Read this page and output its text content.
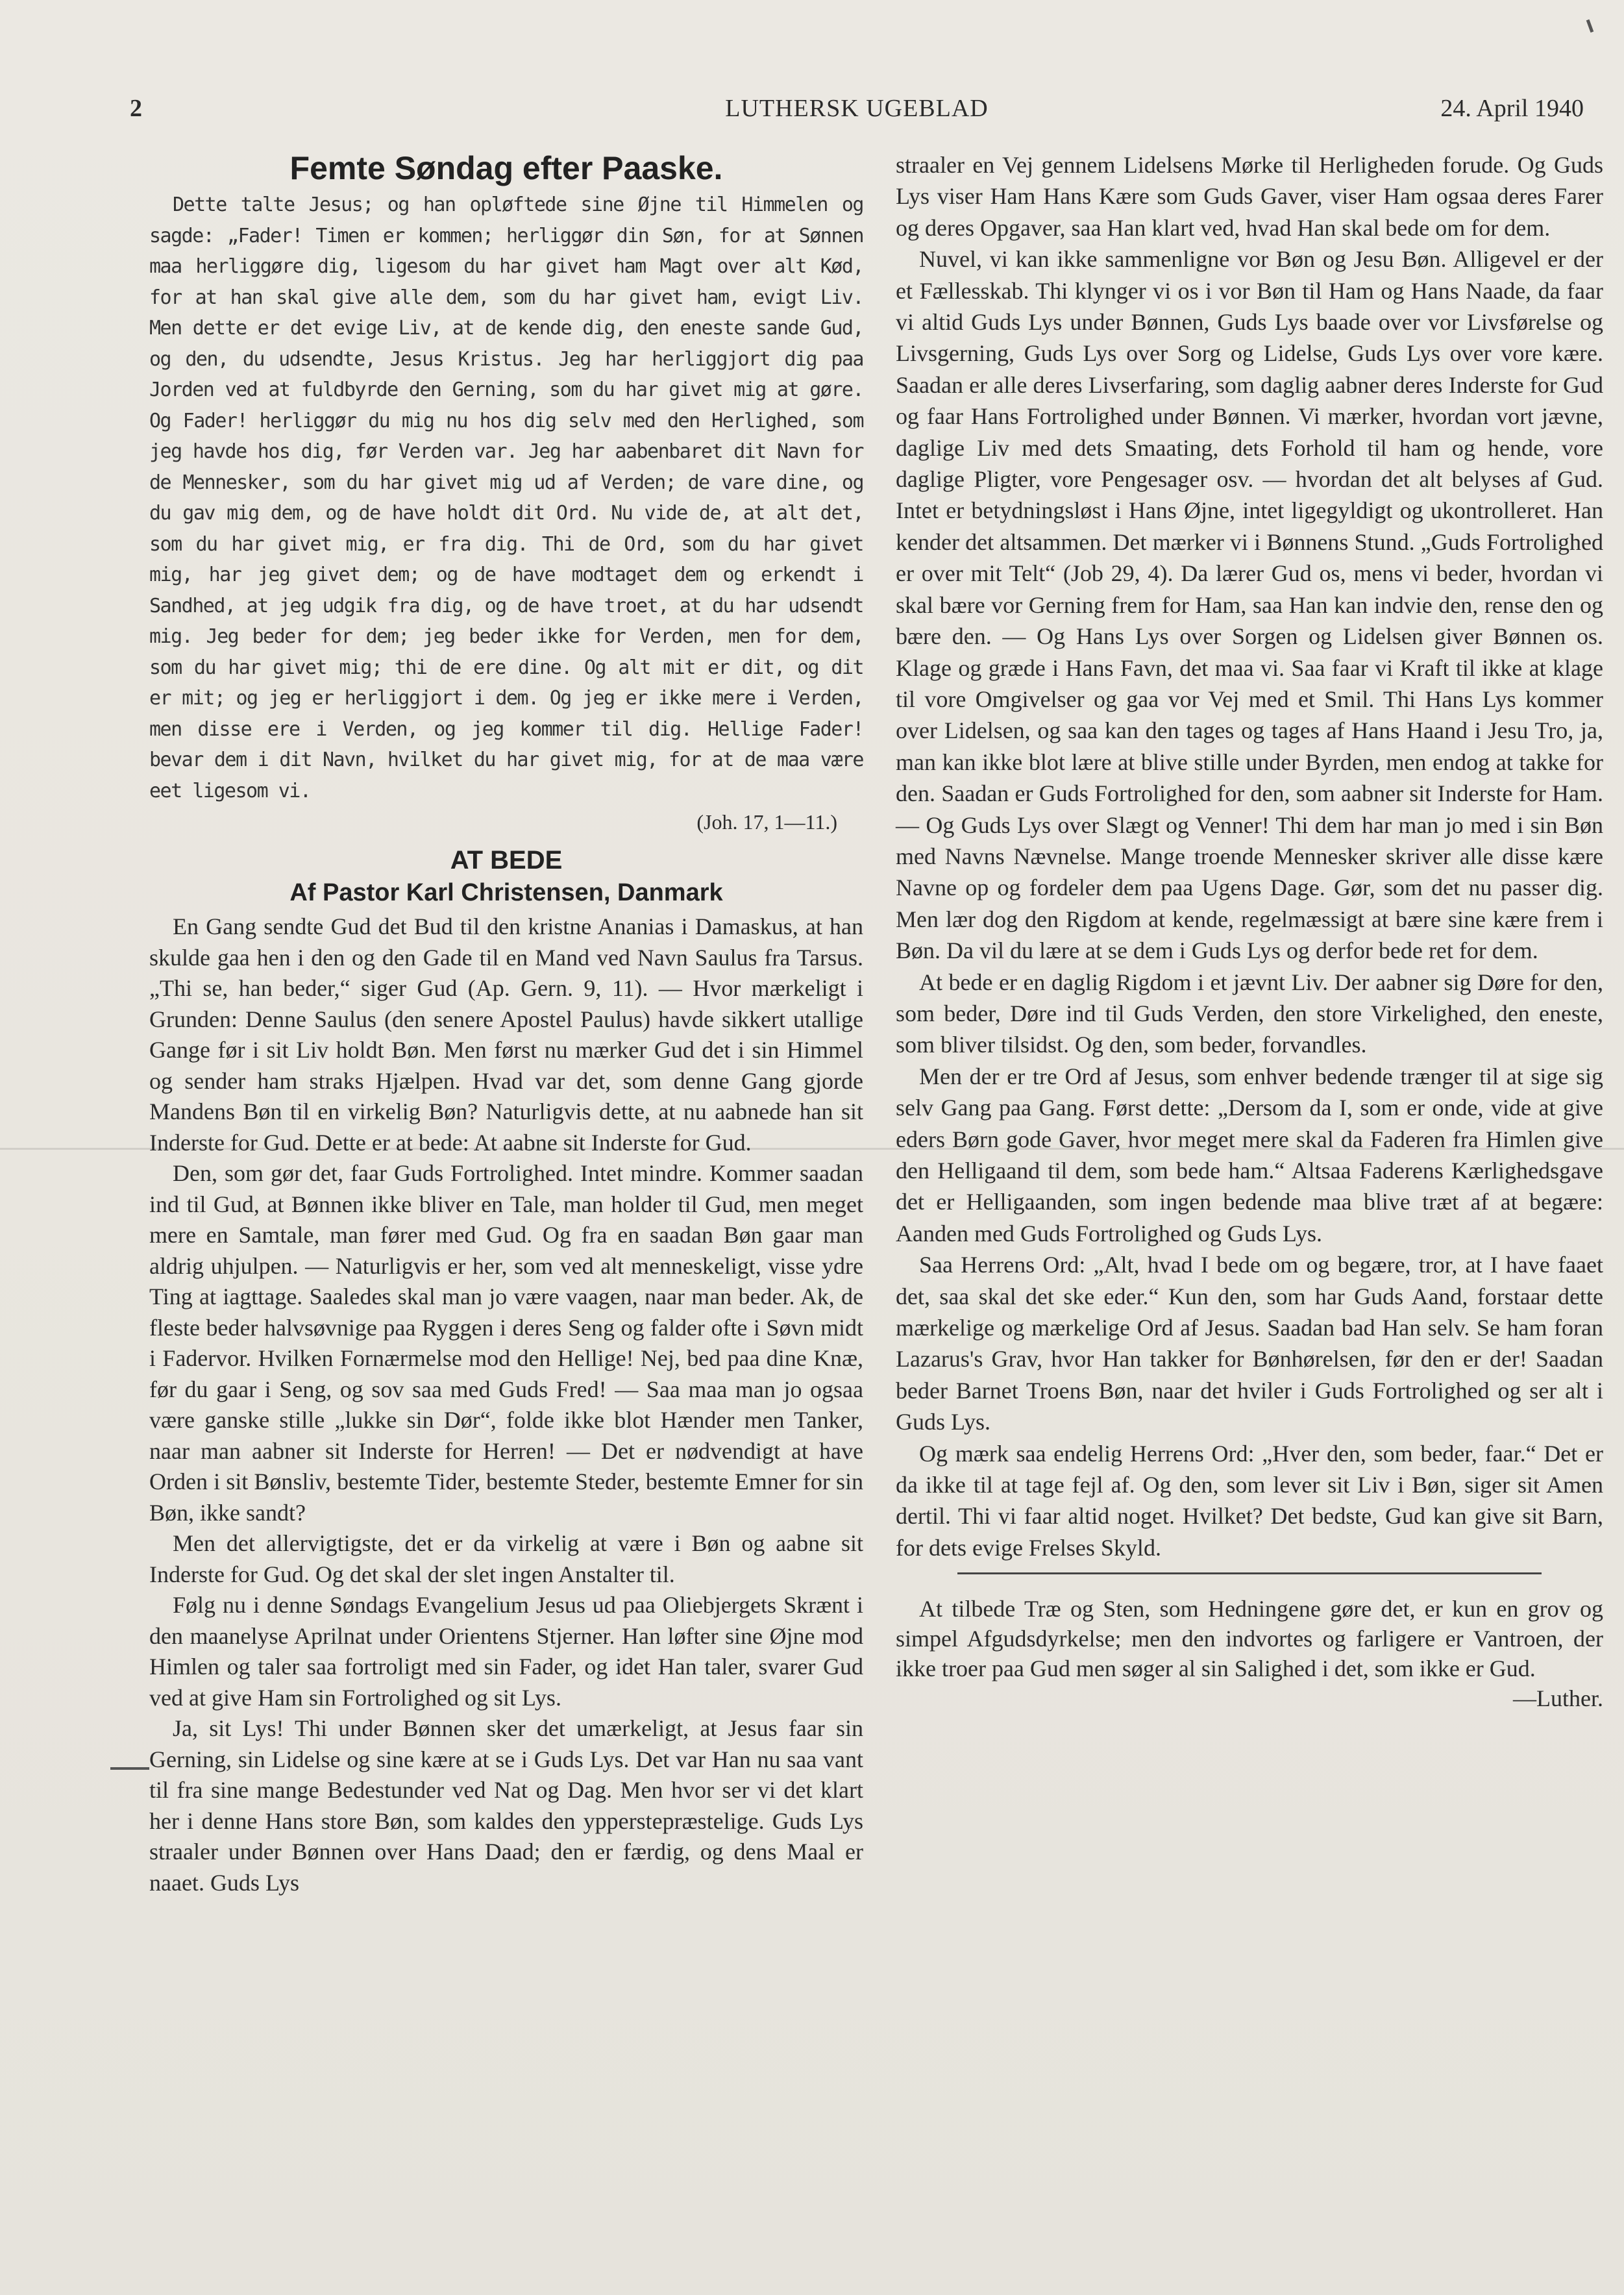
2	LUTHERSK UGEBLAD	24. April 1940
Femte Søndag efter Paaske.

Dette talte Jesus; og han opløftede sine Øjne til Himmelen og sagde: „Fader! Timen er kommen; herliggør din Søn, for at Sønnen maa herliggøre dig, ligesom du har givet ham Magt over alt Kød, for at han skal give alle dem, som du har givet ham, evigt Liv. Men dette er det evige Liv, at de kende dig, den eneste sande Gud, og den, du udsendte, Jesus Kristus. Jeg har herliggjort dig paa Jorden ved at fuldbyrde den Gerning, som du har givet mig at gøre. Og Fader! herliggør du mig nu hos dig selv med den Herlighed, som jeg havde hos dig, før Verden var. Jeg har aabenbaret dit Navn for de Mennesker, som du har givet mig ud af Verden; de vare dine, og du gav mig dem, og de have holdt dit Ord. Nu vide de, at alt det, som du har givet mig, er fra dig. Thi de Ord, som du har givet mig, har jeg givet dem; og de have modtaget dem og erkendt i Sandhed, at jeg udgik fra dig, og de have troet, at du har udsendt mig. Jeg beder for dem; jeg beder ikke for Verden, men for dem, som du har givet mig; thi de ere dine. Og alt mit er dit, og dit er mit; og jeg er herliggjort i dem. Og jeg er ikke mere i Verden, men disse ere i Verden, og jeg kommer til dig. Hellige Fader! bevar dem i dit Navn, hvilket du har givet mig, for at de maa være eet ligesom vi.

(Joh. 17, 1—11.)

AT BEDE
Af Pastor Karl Christensen, Danmark

En Gang sendte Gud det Bud til den kristne Ananias i Damaskus, at han skulde gaa hen i den og den Gade til en Mand ved Navn Saulus fra Tarsus. „Thi se, han beder,“ siger Gud (Ap. Gern. 9, 11). — Hvor mærkeligt i Grunden: Denne Saulus (den senere Apostel Paulus) havde sikkert utallige Gange før i sit Liv holdt Bøn. Men først nu mærker Gud det i sin Himmel og sender ham straks Hjælpen. Hvad var det, som denne Gang gjorde Mandens Bøn til en virkelig Bøn? Naturligvis dette, at nu aabnede han sit Inderste for Gud. Dette er at bede: At aabne sit Inderste for Gud.

Den, som gør det, faar Guds Fortrolighed. Intet mindre. Kommer saadan ind til Gud, at Bønnen ikke bliver en Tale, man holder til Gud, men meget mere en Samtale, man fører med Gud. Og fra en saadan Bøn gaar man aldrig uhjulpen. — Naturligvis er her, som ved alt menneskeligt, visse ydre Ting at iagttage. Saaledes skal man jo være vaagen, naar man beder. Ak, de fleste beder halvsøvnige paa Ryggen i deres Seng og falder ofte i Søvn midt i Fadervor. Hvilken Fornærmelse mod den Hellige! Nej, bed paa dine Knæ, før du gaar i Seng, og sov saa med Guds Fred! — Saa maa man jo ogsaa være ganske stille „lukke sin Dør“, folde ikke blot Hænder men Tanker, naar man aabner sit Inderste for Herren! — Det er nødvendigt at have Orden i sit Bønsliv, bestemte Tider, bestemte Steder, bestemte Emner for sin Bøn, ikke sandt?

Men det allervigtigste, det er da virkelig at være i Bøn og aabne sit Inderste for Gud. Og det skal der slet ingen Anstalter til.

Følg nu i denne Søndags Evangelium Jesus ud paa Oliebjergets Skrænt i den maanelyse Aprilnat under Orientens Stjerner. Han løfter sine Øjne mod Himlen og taler saa fortroligt med sin Fader, og idet Han taler, svarer Gud ved at give Ham sin Fortrolighed og sit Lys.

Ja, sit Lys! Thi under Bønnen sker det umærkeligt, at Jesus faar sin Gerning, sin Lidelse og sine kære at se i Guds Lys. Det var Han nu saa vant til fra sine mange Bedestunder ved Nat og Dag. Men hvor ser vi det klart her i denne Hans store Bøn, som kaldes den ypperstepræstelige. Guds Lys straaler under Bønnen over Hans Daad; den er færdig, og dens Maal er naaet. Guds Lys

straaler en Vej gennem Lidelsens Mørke til Herligheden forude. Og Guds Lys viser Ham Hans Kære som Guds Gaver, viser Ham ogsaa deres Farer og deres Opgaver, saa Han klart ved, hvad Han skal bede om for dem.

Nuvel, vi kan ikke sammenligne vor Bøn og Jesu Bøn. Alligevel er der et Fællesskab. Thi klynger vi os i vor Bøn til Ham og Hans Naade, da faar vi altid Guds Lys under Bønnen, Guds Lys baade over vor Livsførelse og Livsgerning, Guds Lys over Sorg og Lidelse, Guds Lys over vore kære. Saadan er alle deres Livserfaring, som daglig aabner deres Inderste for Gud og faar Hans Fortrolighed under Bønnen. Vi mærker, hvordan vort jævne, daglige Liv med dets Smaating, dets Forhold til ham og hende, vore daglige Pligter, vore Pengesager osv. — hvordan det alt belyses af Gud. Intet er betydningsløst i Hans Øjne, intet ligegyldigt og ukontrolleret. Han kender det altsammen. Det mærker vi i Bønnens Stund. „Guds Fortrolighed er over mit Telt“ (Job 29, 4). Da lærer Gud os, mens vi beder, hvordan vi skal bære vor Gerning frem for Ham, saa Han kan indvie den, rense den og bære den. — Og Hans Lys over Sorgen og Lidelsen giver Bønnen os. Klage og græde i Hans Favn, det maa vi. Saa faar vi Kraft til ikke at klage til vore Omgivelser og gaa vor Vej med et Smil. Thi Hans Lys kommer over Lidelsen, og saa kan den tages og tages af Hans Haand i Jesu Tro, ja, man kan ikke blot lære at blive stille under Byrden, men endog at takke for den. Saadan er Guds Fortrolighed for den, som aabner sit Inderste for Ham. — Og Guds Lys over Slægt og Venner! Thi dem har man jo med i sin Bøn med Navns Nævnelse. Mange troende Mennesker skriver alle disse kære Navne op og fordeler dem paa Ugens Dage. Gør, som det nu passer dig. Men lær dog den Rigdom at kende, regelmæssigt at bære sine kære frem i Bøn. Da vil du lære at se dem i Guds Lys og derfor bede ret for dem.

At bede er en daglig Rigdom i et jævnt Liv. Der aabner sig Døre for den, som beder, Døre ind til Guds Verden, den store Virkelighed, den eneste, som bliver tilsidst. Og den, som beder, forvandles.

Men der er tre Ord af Jesus, som enhver bedende trænger til at sige sig selv Gang paa Gang. Først dette: „Dersom da I, som er onde, vide at give eders Børn gode Gaver, hvor meget mere skal da Faderen fra Himlen give den Helligaand til dem, som bede ham.“ Altsaa Faderens Kærlighedsgave det er Helligaanden, som ingen bedende maa blive træt af at begære: Aanden med Guds Fortrolighed og Guds Lys.

Saa Herrens Ord: „Alt, hvad I bede om og begære, tror, at I have faaet det, saa skal det ske eder.“ Kun den, som har Guds Aand, forstaar dette mærkelige og mærkelige Ord af Jesus. Saadan bad Han selv. Se ham foran Lazarus's Grav, hvor Han takker for Bønhørelsen, før den er der! Saadan beder Barnet Troens Bøn, naar det hviler i Guds Fortrolighed og ser alt i Guds Lys.

Og mærk saa endelig Herrens Ord: „Hver den, som beder, faar.“ Det er da ikke til at tage fejl af. Og den, som lever sit Liv i Bøn, siger sit Amen dertil. Thi vi faar altid noget. Hvilket? Det bedste, Gud kan give sit Barn, for dets evige Frelses Skyld.

At tilbede Træ og Sten, som Hedningene gøre det, er kun en grov og simpel Afgudsdyrkelse; men den indvortes og farligere er Vantroen, der ikke troer paa Gud men søger al sin Salighed i det, som ikke er Gud.
—Luther.
